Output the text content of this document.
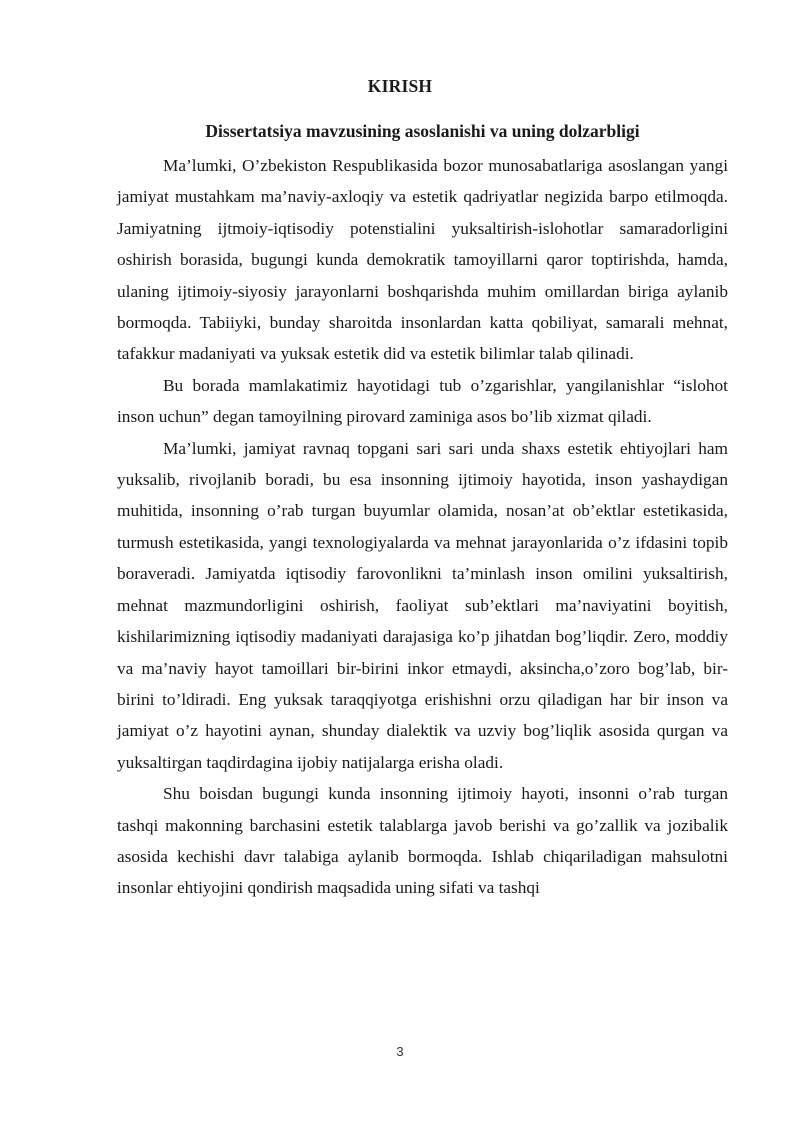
KIRISH
Dissertatsiya mavzusining asoslanishi va uning dolzarbligi

Ma’lumki, O’zbekiston Respublikasida bozor munosabatlariga asoslangan yangi jamiyat mustahkam ma’naviy-axloqiy va estetik qadriyatlar negizida barpo etilmoqda. Jamiyatning ijtmoiy-iqtisodiy potenstialini yuksaltirish-islohotlar samaradorligini oshirish borasida, bugungi kunda demokratik tamoyillarni qaror toptirishda, hamda, ulaning ijtimoiy-siyosiy jarayonlarni boshqarishda muhim omillardan biriga aylanib bormoqda. Tabiiyki, bunday sharoitda insonlardan katta qobiliyat, samarali mehnat, tafakkur madaniyati va yuksak estetik did va estetik bilimlar talab qilinadi.

Bu borada mamlakatimiz hayotidagi tub o’zgarishlar, yangilanishlar “islohot inson uchun” degan tamoyilning pirovard zaminiga asos bo’lib xizmat qiladi.

Ma’lumki, jamiyat ravnaq topgani sari sari unda shaxs estetik ehtiyojlari ham yuksalib, rivojlanib boradi, bu esa insonning ijtimoiy hayotida, inson yashaydigan muhitida, insonning o’rab turgan buyumlar olamida, nosan’at ob’ektlar estetikasida, turmush estetikasida, yangi texnologiyalarda va mehnat jarayonlarida o’z ifdasini topib boraveradi. Jamiyatda iqtisodiy farovonlikni ta’minlash inson omilini yuksaltirish, mehnat mazmundorligini oshirish, faoliyat sub’ektlari ma’naviyatini boyitish, kishilarimizning iqtisodiy madaniyati darajasiga ko’p jihatdan bog’liqdir. Zero, moddiy va ma’naviy hayot tamoillari bir-birini inkor etmaydi, aksincha,o’zoro bog’lab, bir-birini to’ldiradi. Eng yuksak taraqqiyotga erishishni orzu qiladigan har bir inson va jamiyat o’z hayotini aynan, shunday dialektik va uzviy bog’liqlik asosida qurgan va yuksaltirgan taqdirdagina ijobiy natijalarga erisha oladi.

Shu boisdan bugungi kunda insonning ijtimoiy hayoti, insonni o’rab turgan tashqi makonning barchasini estetik talablarga javob berishi va go’zallik va jozibalik asosida kechishi davr talabiga aylanib bormoqda. Ishlab chiqariladigan mahsulotni insonlar ehtiyojini qondirish maqsadida uning sifati va tashqi

3
